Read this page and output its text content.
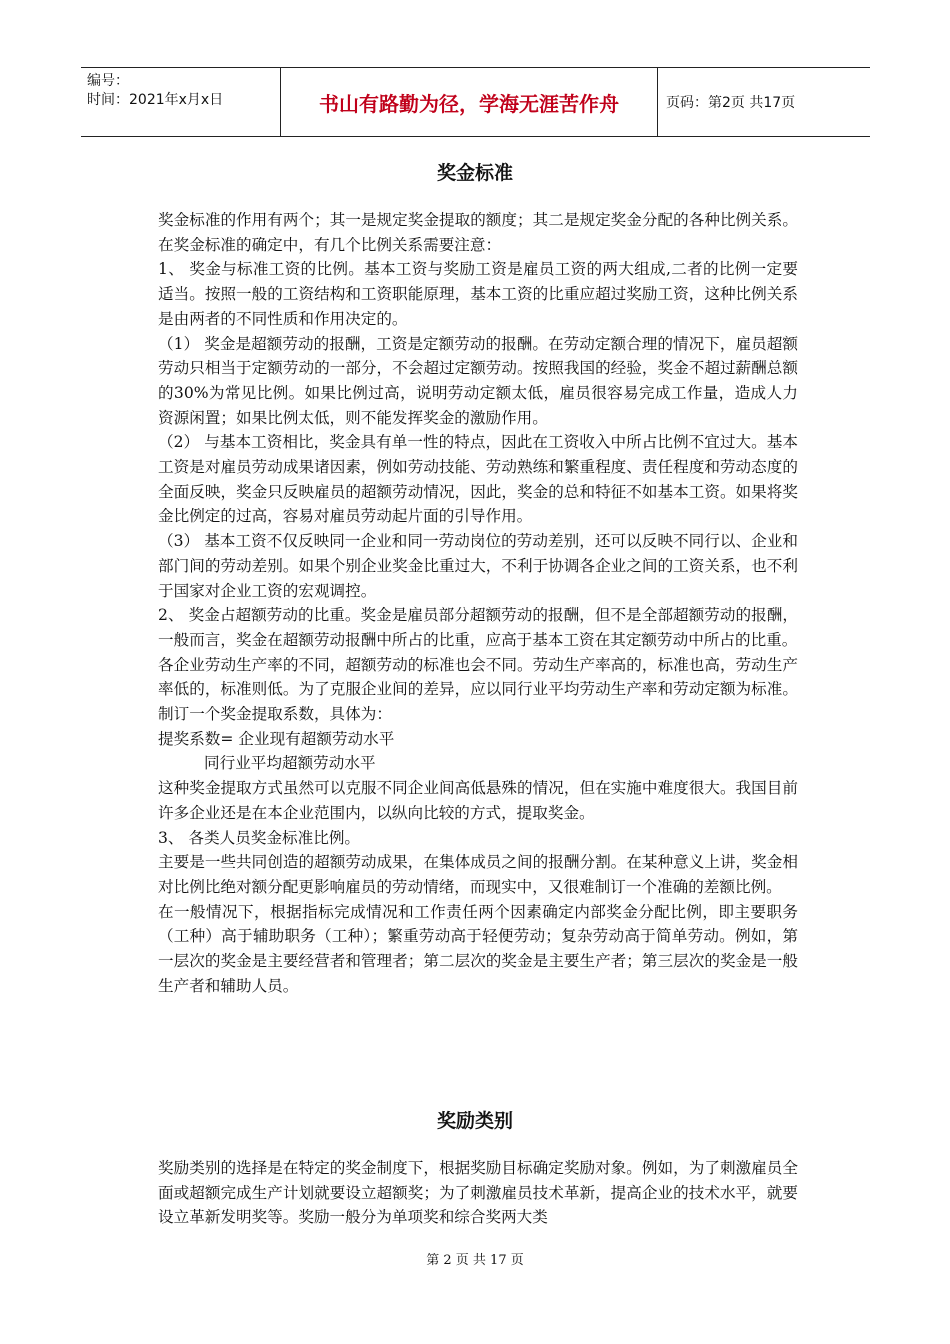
编号：
时间：2021年x月x日	书山有路勤为径，学海无涯苦作舟	页码：第2页 共17页
奖金标准

奖金标准的作用有两个；其一是规定奖金提取的额度；其二是规定奖金分配的各种比例关系。在奖金标准的确定中，有几个比例关系需要注意：

1、 奖金与标准工资的比例。基本工资与奖励工资是雇员工资的两大组成,二者的比例一定要适当。按照一般的工资结构和工资职能原理，基本工资的比重应超过奖励工资，这种比例关系是由两者的不同性质和作用决定的。

（1） 奖金是超额劳动的报酬，工资是定额劳动的报酬。在劳动定额合理的情况下，雇员超额劳动只相当于定额劳动的一部分，不会超过定额劳动。按照我国的经验，奖金不超过薪酬总额的30%为常见比例。如果比例过高，说明劳动定额太低，雇员很容易完成工作量，造成人力资源闲置；如果比例太低，则不能发挥奖金的激励作用。

（2） 与基本工资相比，奖金具有单一性的特点，因此在工资收入中所占比例不宜过大。基本工资是对雇员劳动成果诸因素，例如劳动技能、劳动熟练和繁重程度、责任程度和劳动态度的全面反映，奖金只反映雇员的超额劳动情况，因此，奖金的总和特征不如基本工资。如果将奖金比例定的过高，容易对雇员劳动起片面的引导作用。

（3） 基本工资不仅反映同一企业和同一劳动岗位的劳动差别，还可以反映不同行以、企业和部门间的劳动差别。如果个别企业奖金比重过大，不利于协调各企业之间的工资关系，也不利于国家对企业工资的宏观调控。

2、 奖金占超额劳动的比重。奖金是雇员部分超额劳动的报酬，但不是全部超额劳动的报酬，一般而言，奖金在超额劳动报酬中所占的比重，应高于基本工资在其定额劳动中所占的比重。

各企业劳动生产率的不同，超额劳动的标准也会不同。劳动生产率高的，标准也高，劳动生产率低的，标准则低。为了克服企业间的差异，应以同行业平均劳动生产率和劳动定额为标准。制订一个奖金提取系数，具体为：

提奖系数= 企业现有超额劳动水平

同行业平均超额劳动水平

这种奖金提取方式虽然可以克服不同企业间高低悬殊的情况，但在实施中难度很大。我国目前许多企业还是在本企业范围内，以纵向比较的方式，提取奖金。

3、 各类人员奖金标准比例。

主要是一些共同创造的超额劳动成果，在集体成员之间的报酬分割。在某种意义上讲，奖金相对比例比绝对额分配更影响雇员的劳动情绪，而现实中，又很难制订一个准确的差额比例。

在一般情况下，根据指标完成情况和工作责任两个因素确定内部奖金分配比例，即主要职务（工种）高于辅助职务（工种）；繁重劳动高于轻便劳动；复杂劳动高于简单劳动。例如，第一层次的奖金是主要经营者和管理者；第二层次的奖金是主要生产者；第三层次的奖金是一般生产者和辅助人员。

奖励类别

奖励类别的选择是在特定的奖金制度下，根据奖励目标确定奖励对象。例如，为了刺激雇员全面或超额完成生产计划就要设立超额奖；为了刺激雇员技术革新，提高企业的技术水平，就要设立革新发明奖等。奖励一般分为单项奖和综合奖两大类

第 2 页 共 17 页
